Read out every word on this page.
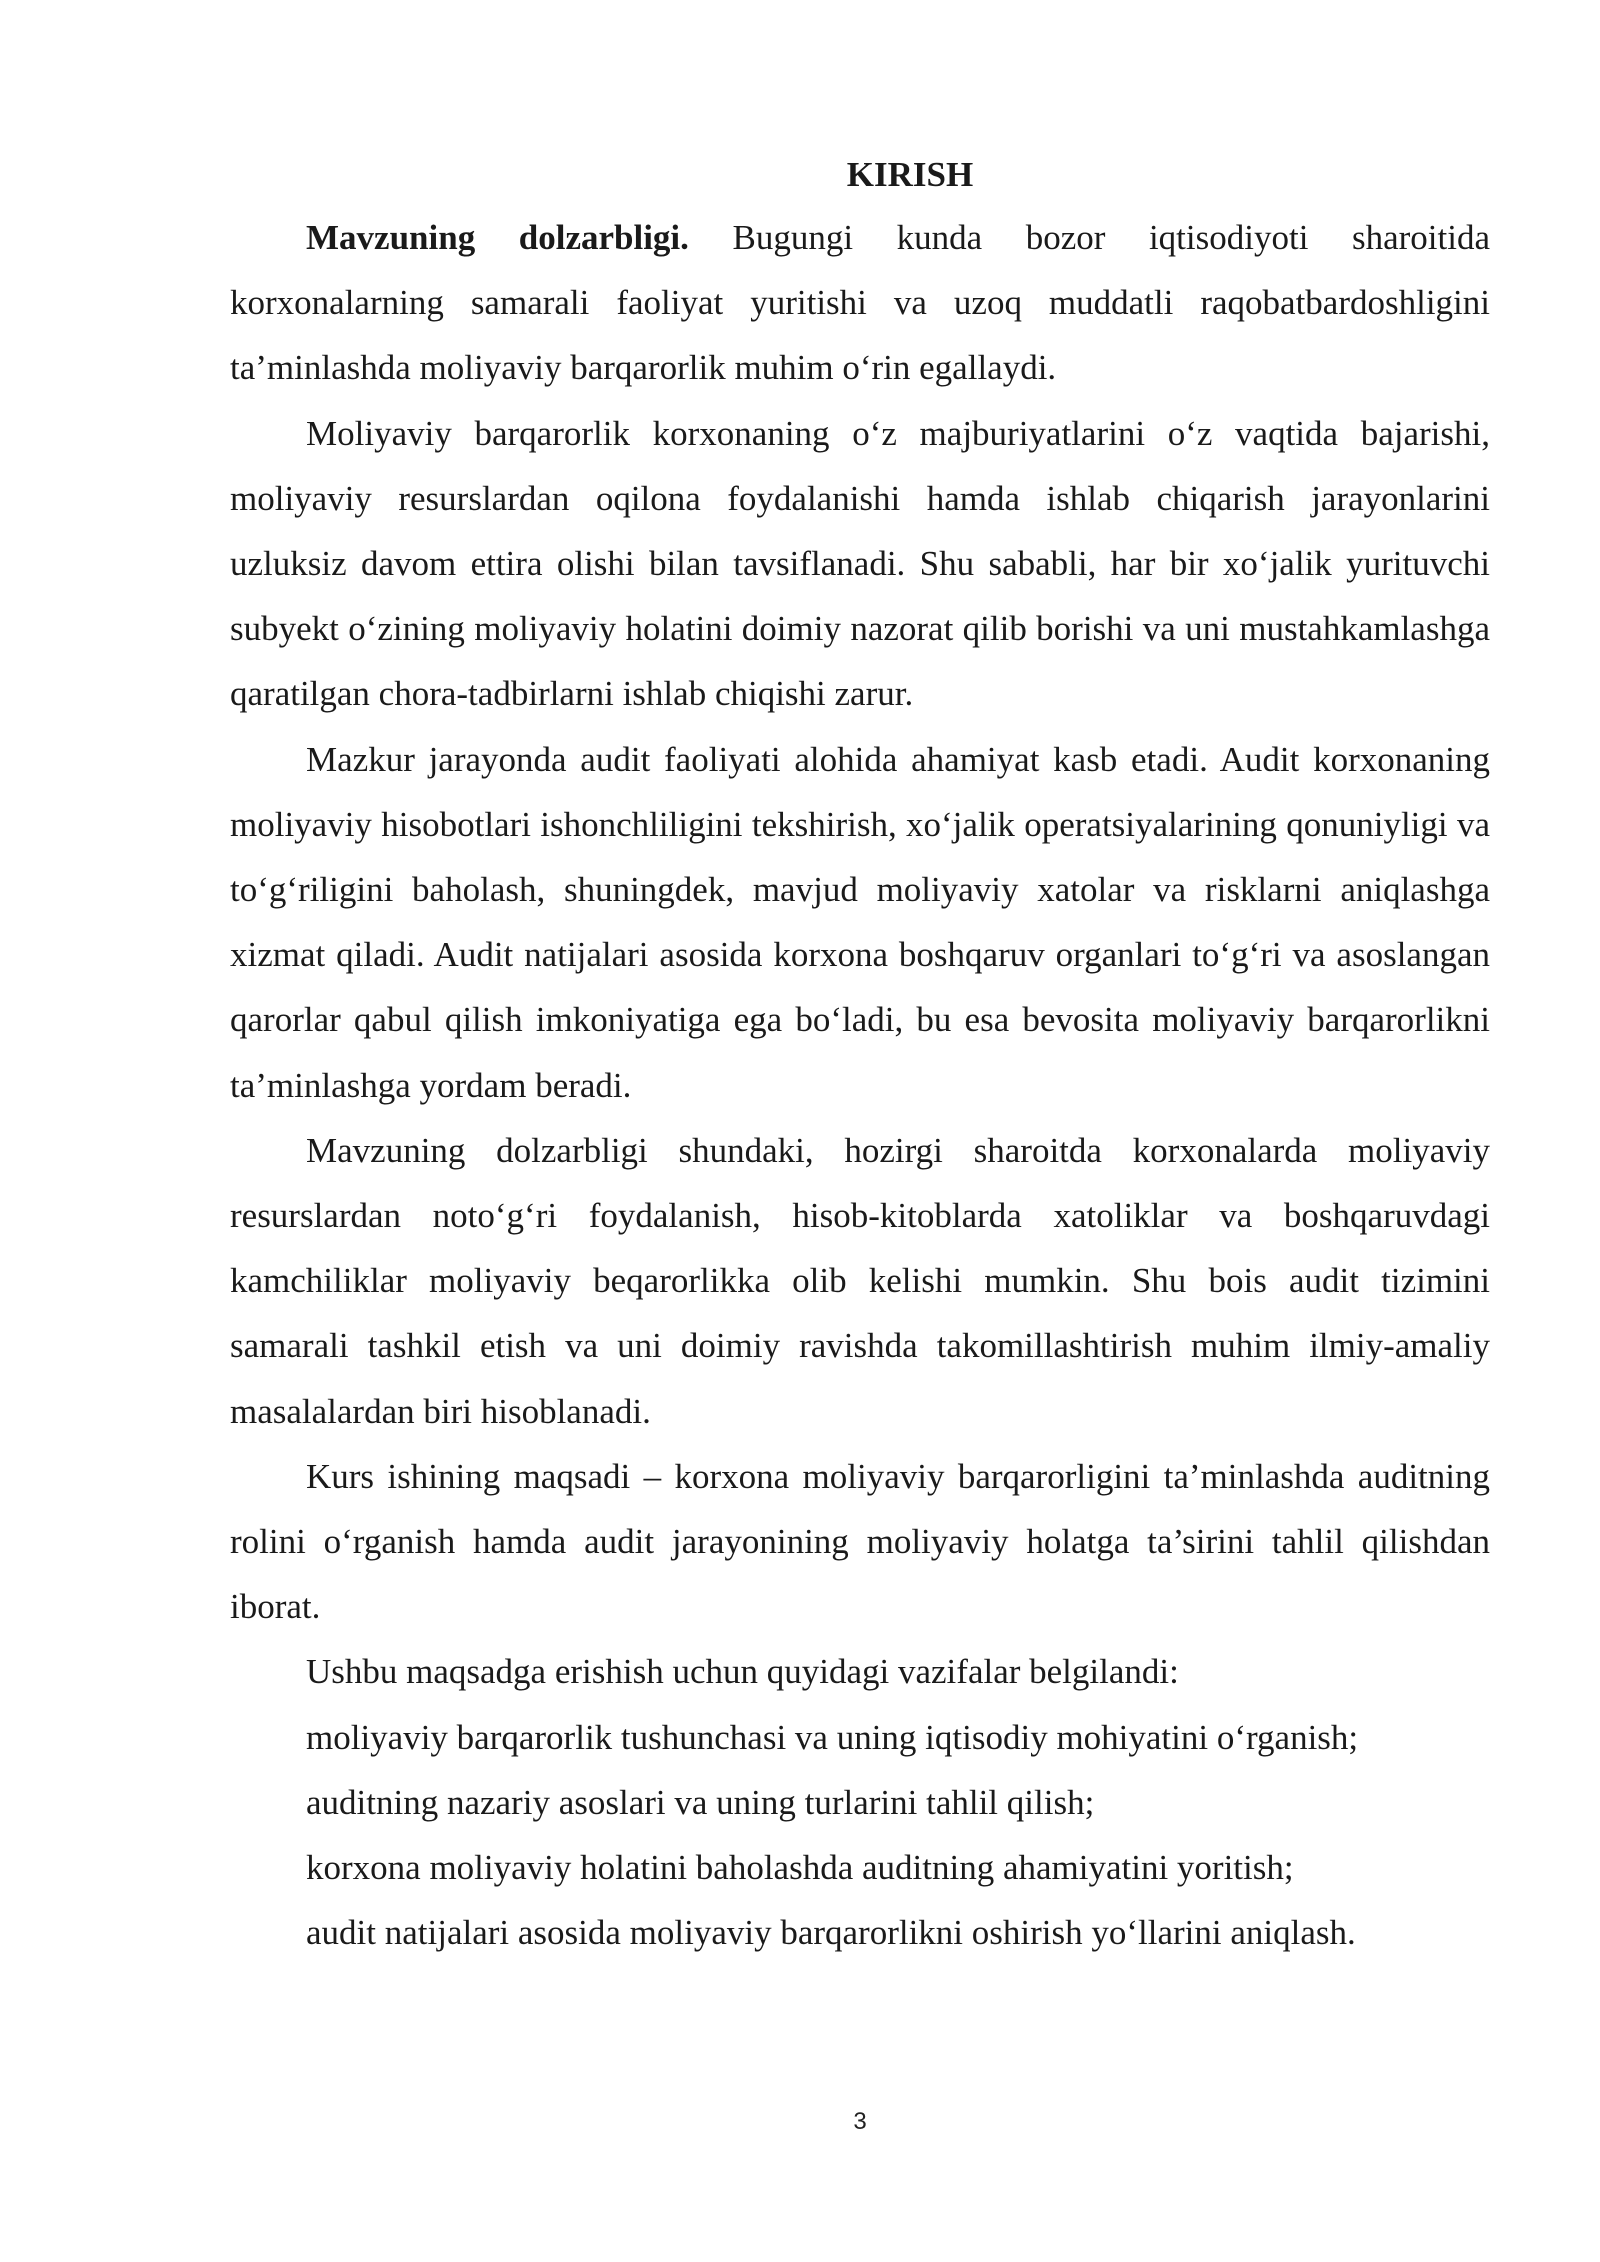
KIRISH

Mavzuning dolzarbligi. Bugungi kunda bozor iqtisodiyoti sharoitida korxonalarning samarali faoliyat yuritishi va uzoq muddatli raqobatbardoshligini ta’minlashda moliyaviy barqarorlik muhim o‘rin egallaydi.

Moliyaviy barqarorlik korxonaning o‘z majburiyatlarini o‘z vaqtida bajarishi, moliyaviy resurslardan oqilona foydalanishi hamda ishlab chiqarish jarayonlarini uzluksiz davom ettira olishi bilan tavsiflanadi. Shu sababli, har bir xo‘jalik yurituvchi subyekt o‘zining moliyaviy holatini doimiy nazorat qilib borishi va uni mustahkamlashga qaratilgan chora-tadbirlarni ishlab chiqishi zarur.

Mazkur jarayonda audit faoliyati alohida ahamiyat kasb etadi. Audit korxonaning moliyaviy hisobotlari ishonchliligini tekshirish, xo‘jalik operatsiyalarining qonuniyligi va to‘g‘riligini baholash, shuningdek, mavjud moliyaviy xatolar va risklarni aniqlashga xizmat qiladi. Audit natijalari asosida korxona boshqaruv organlari to‘g‘ri va asoslangan qarorlar qabul qilish imkoniyatiga ega bo‘ladi, bu esa bevosita moliyaviy barqarorlikni ta’minlashga yordam beradi.

Mavzuning dolzarbligi shundaki, hozirgi sharoitda korxonalarda moliyaviy resurslardan noto‘g‘ri foydalanish, hisob-kitoblarda xatoliklar va boshqaruvdagi kamchiliklar moliyaviy beqarorlikka olib kelishi mumkin. Shu bois audit tizimini samarali tashkil etish va uni doimiy ravishda takomillashtirish muhim ilmiy-amaliy masalalardan biri hisoblanadi.

Kurs ishining maqsadi – korxona moliyaviy barqarorligini ta’minlashda auditning rolini o‘rganish hamda audit jarayonining moliyaviy holatga ta’sirini tahlil qilishdan iborat.

Ushbu maqsadga erishish uchun quyidagi vazifalar belgilandi:

moliyaviy barqarorlik tushunchasi va uning iqtisodiy mohiyatini o‘rganish;

auditning nazariy asoslari va uning turlarini tahlil qilish;

korxona moliyaviy holatini baholashda auditning ahamiyatini yoritish;

audit natijalari asosida moliyaviy barqarorlikni oshirish yo‘llarini aniqlash.

3
